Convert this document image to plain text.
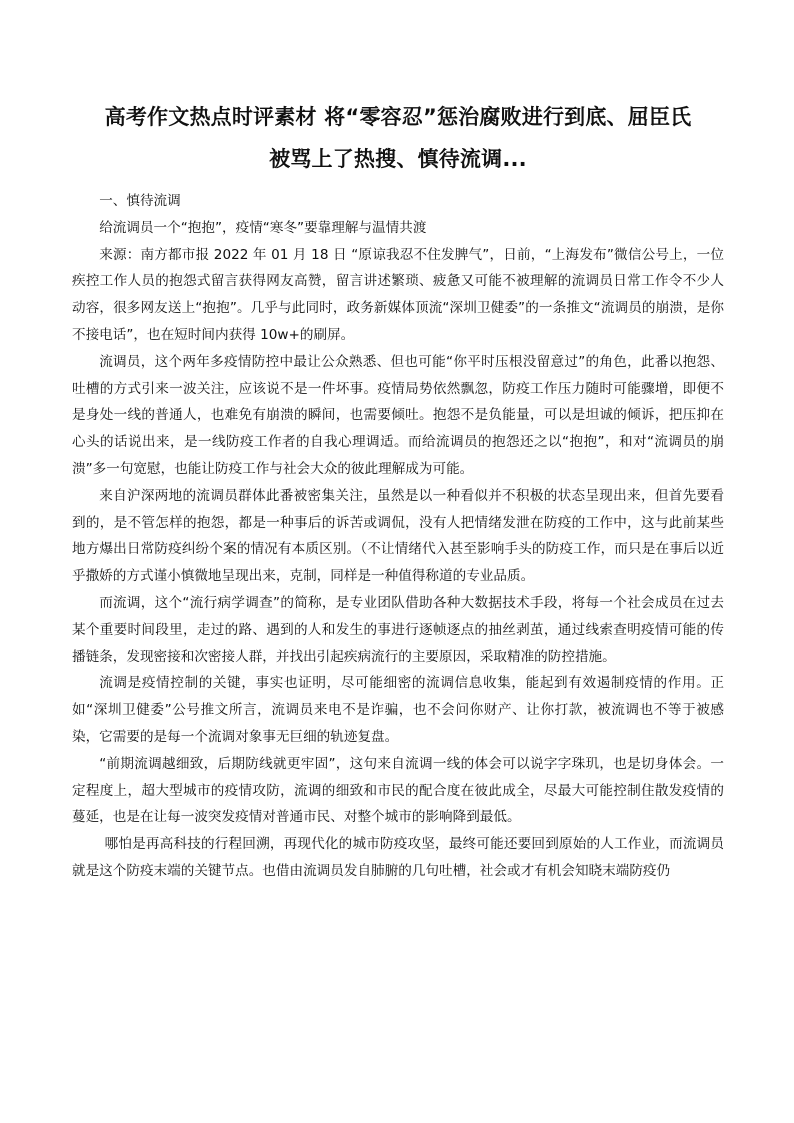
高考作文热点时评素材 将“零容忍”惩治腐败进行到底、屈臣氏
被骂上了热搜、慎待流调...

一、慎待流调

给流调员一个“抱抱”，疫情“寒冬”要靠理解与温情共渡

来源：南方都市报 2022 年 01 月 18 日 “原谅我忍不住发脾气”，日前，“上海发布”微信公号上，一位疾控工作人员的抱怨式留言获得网友高赞，留言讲述繁琐、疲惫又可能不被理解的流调员日常工作令不少人动容，很多网友送上“抱抱”。几乎与此同时，政务新媒体顶流“深圳卫健委”的一条推文“流调员的崩溃，是你不接电话”，也在短时间内获得 10w+的刷屏。

流调员，这个两年多疫情防控中最让公众熟悉、但也可能“你平时压根没留意过”的角色，此番以抱怨、吐槽的方式引来一波关注，应该说不是一件坏事。疫情局势依然飘忽，防疫工作压力随时可能骤增，即便不是身处一线的普通人，也难免有崩溃的瞬间，也需要倾吐。抱怨不是负能量，可以是坦诚的倾诉，把压抑在心头的话说出来，是一线防疫工作者的自我心理调适。而给流调员的抱怨还之以“抱抱”，和对“流调员的崩溃”多一句宽慰，也能让防疫工作与社会大众的彼此理解成为可能。

来自沪深两地的流调员群体此番被密集关注，虽然是以一种看似并不积极的状态呈现出来，但首先要看到的，是不管怎样的抱怨，都是一种事后的诉苦或调侃，没有人把情绪发泄在防疫的工作中，这与此前某些地方爆出日常防疫纠纷个案的情况有本质区别。（不让情绪代入甚至影响手头的防疫工作，而只是在事后以近乎撒娇的方式谨小慎微地呈现出来，克制，同样是一种值得称道的专业品质。

而流调，这个“流行病学调查”的简称，是专业团队借助各种大数据技术手段，将每一个社会成员在过去某个重要时间段里，走过的路、遇到的人和发生的事进行逐帧逐点的抽丝剥茧，通过线索查明疫情可能的传播链条，发现密接和次密接人群，并找出引起疾病流行的主要原因，采取精准的防控措施。

流调是疫情控制的关键，事实也证明，尽可能细密的流调信息收集，能起到有效遏制疫情的作用。正如“深圳卫健委”公号推文所言，流调员来电不是诈骗，也不会问你财产、让你打款，被流调也不等于被感染，它需要的是每一个流调对象事无巨细的轨迹复盘。

“前期流调越细致，后期防线就更牢固”，这句来自流调一线的体会可以说字字珠玑，也是切身体会。一定程度上，超大型城市的疫情攻防，流调的细致和市民的配合度在彼此成全，尽最大可能控制住散发疫情的蔓延，也是在让每一波突发疫情对普通市民、对整个城市的影响降到最低。

哪怕是再高科技的行程回溯，再现代化的城市防疫攻坚，最终可能还要回到原始的人工作业，而流调员就是这个防疫末端的关键节点。也借由流调员发自肺腑的几句吐槽，社会或才有机会知晓末端防疫仍
